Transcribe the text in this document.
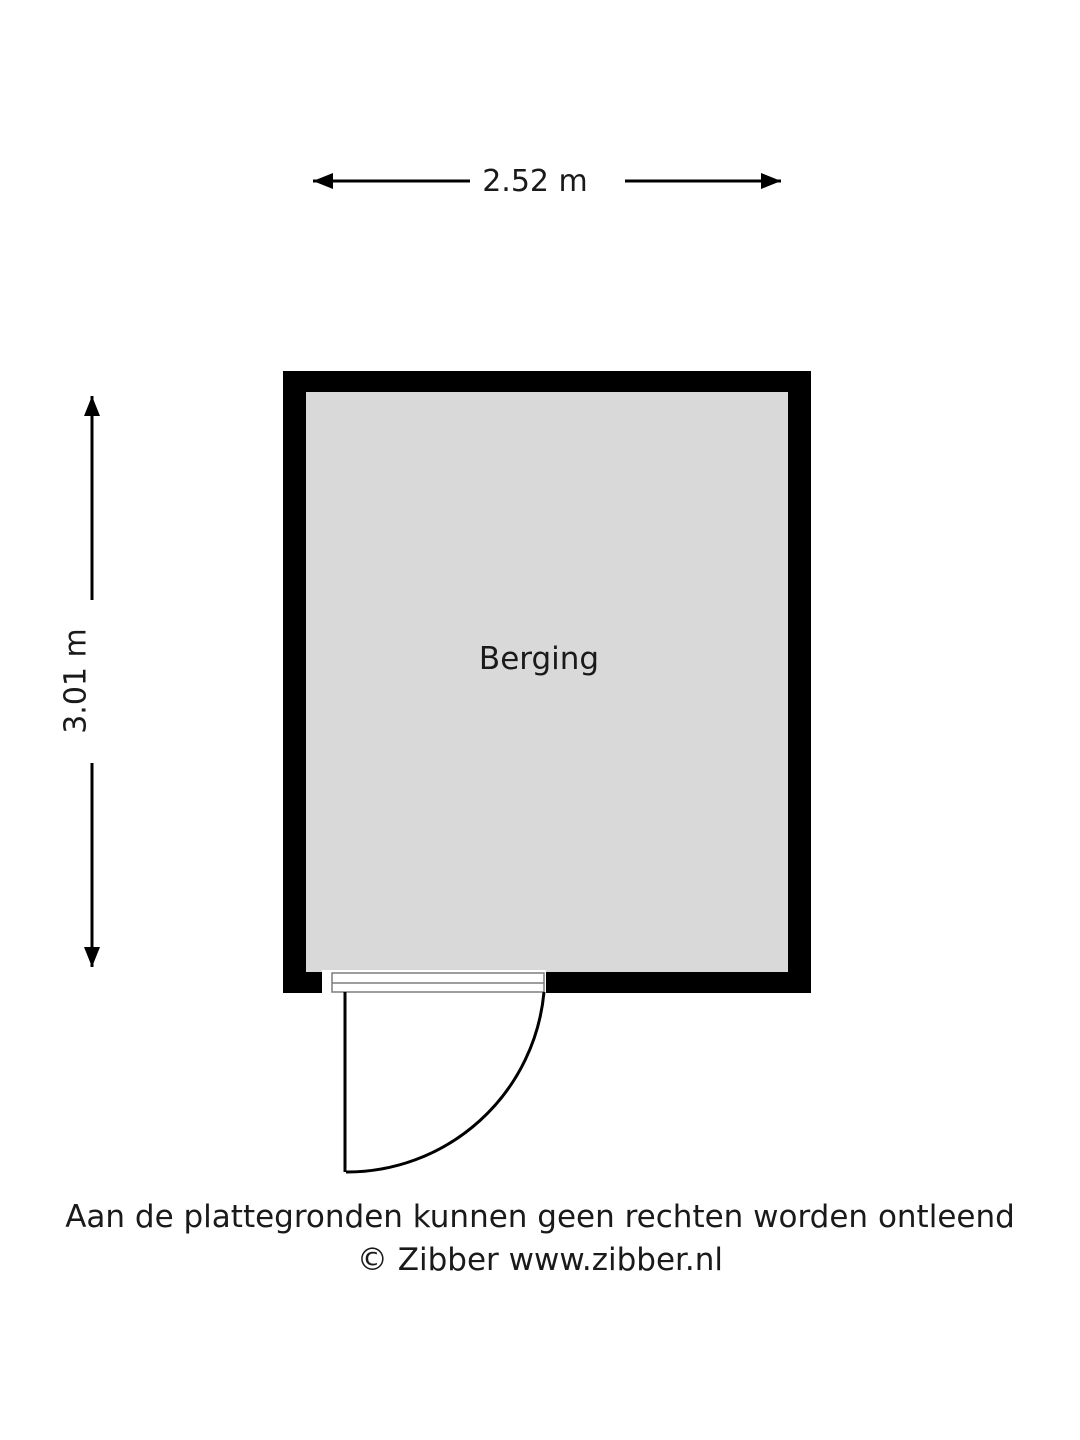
2.52 m
3.01 m	Berging
Aan de plattegronden kunnen geen rechten worden ontleend
© Zibber www.zibber.nl
